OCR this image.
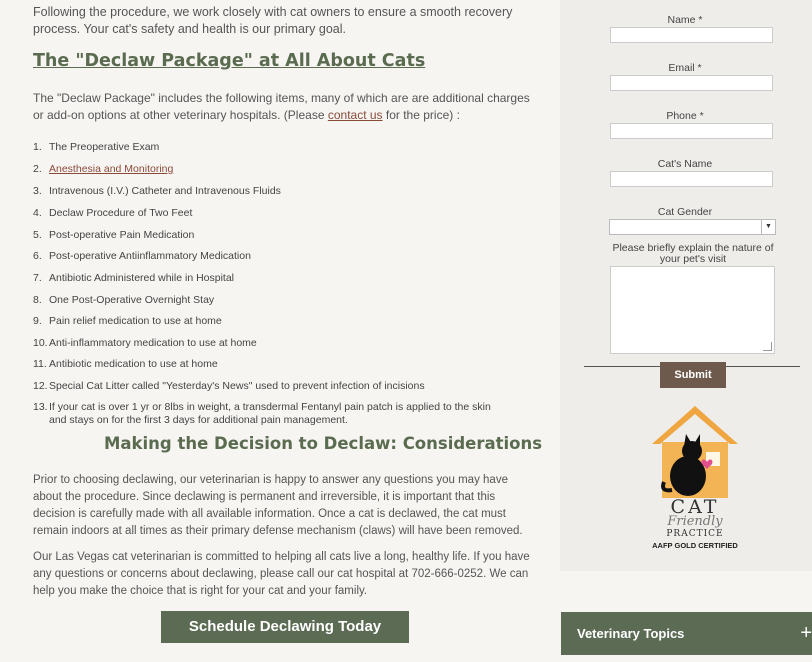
Following the procedure, we work closely with cat owners to ensure a smooth recovery process. Your cat's safety and health is our primary goal.
The "Declaw Package" at All About Cats
The "Declaw Package" includes the following items, many of which are are additional charges or add-on options at other veterinary hospitals. (Please contact us for the price) :
1. The Preoperative Exam
2. Anesthesia and Monitoring
3. Intravenous (I.V.) Catheter and Intravenous Fluids
4. Declaw Procedure of Two Feet
5. Post-operative Pain Medication
6. Post-operative Antiinflammatory Medication
7. Antibiotic Administered while in Hospital
8. One Post-Operative Overnight Stay
9. Pain relief medication to use at home
10.Anti-inflammatory medication to use at home
11. Antibiotic medication to use at home
12.Special Cat Litter called "Yesterday's News" used to prevent infection of incisions
13.If your cat is over 1 yr or 8lbs in weight, a transdermal Fentanyl pain patch is applied to the skin and stays on for the first 3 days for additional pain management.
Making the Decision to Declaw: Considerations
Prior to choosing declawing, our veterinarian is happy to answer any questions you may have about the procedure. Since declawing is permanent and irreversible, it is important that this decision is carefully made with all available information. Once a cat is declawed, the cat must remain indoors at all times as their primary defense mechanism (claws) will have been removed.
Our Las Vegas cat veterinarian is committed to helping all cats live a long, healthy life. If you have any questions or concerns about declawing, please call our cat hospital at 702-666-0252. We can help you make the choice that is right for your cat and your family.
Schedule Declawing Today
Name *
Email *
Phone *
Cat's Name
Cat Gender
▼
Please briefly explain the nature of your pet's visit
Submit
CAT
Friendly
PRACTICE
AAFP GOLD CERTIFIED
Veterinary Topics	+
